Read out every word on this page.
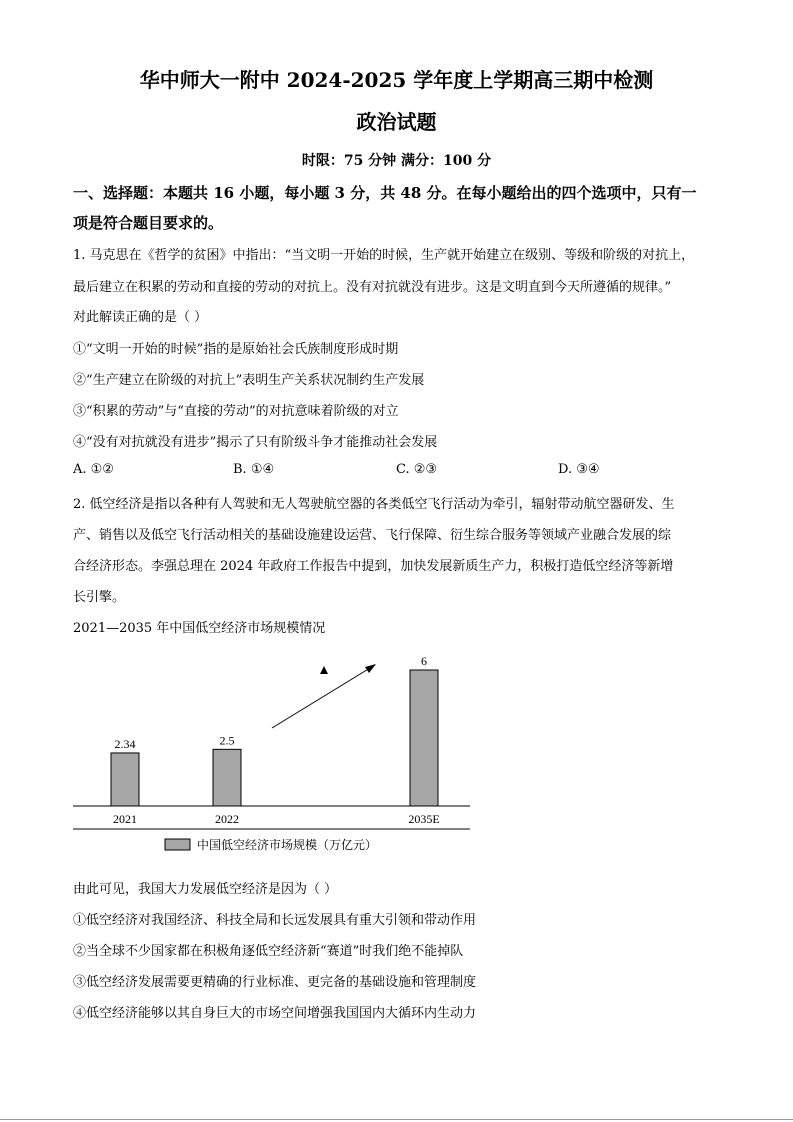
华中师大一附中 2024-2025 学年度上学期高三期中检测
政治试题
时限：75 分钟 满分：100 分
一、选择题：本题共 16 小题，每小题 3 分，共 48 分。在每小题给出的四个选项中，只有一
项是符合题目要求的。
1. 马克思在《哲学的贫困》中指出：“当文明一开始的时候，生产就开始建立在级别、等级和阶级的对抗上，
最后建立在积累的劳动和直接的劳动的对抗上。没有对抗就没有进步。这是文明直到今天所遵循的规律。”
对此解读正确的是（ ）
①“文明一开始的时候”指的是原始社会氏族制度形成时期
②“生产建立在阶级的对抗上”表明生产关系状况制约生产发展
③“积累的劳动”与“直接的劳动”的对抗意味着阶级的对立
④“没有对抗就没有进步”揭示了只有阶级斗争才能推动社会发展
A. ①②	B. ①④	C. ②③	D. ③④
2. 低空经济是指以各种有人驾驶和无人驾驶航空器的各类低空飞行活动为牵引，辐射带动航空器研发、生
产、销售以及低空飞行活动相关的基础设施建设运营、飞行保障、衍生综合服务等领域产业融合发展的综
合经济形态。李强总理在 2024 年政府工作报告中提到，加快发展新质生产力，积极打造低空经济等新增
长引擎。
2021—2035 年中国低空经济市场规模情况
2.34	2.5
6
2021	2022	2035E
中国低空经济市场规模（万亿元）
由此可见，我国大力发展低空经济是因为（ ）
①低空经济对我国经济、科技全局和长远发展具有重大引领和带动作用
②当全球不少国家都在积极角逐低空经济新“赛道”时我们绝不能掉队
③低空经济发展需要更精确的行业标准、更完备的基础设施和管理制度
④低空经济能够以其自身巨大的市场空间增强我国国内大循环内生动力
